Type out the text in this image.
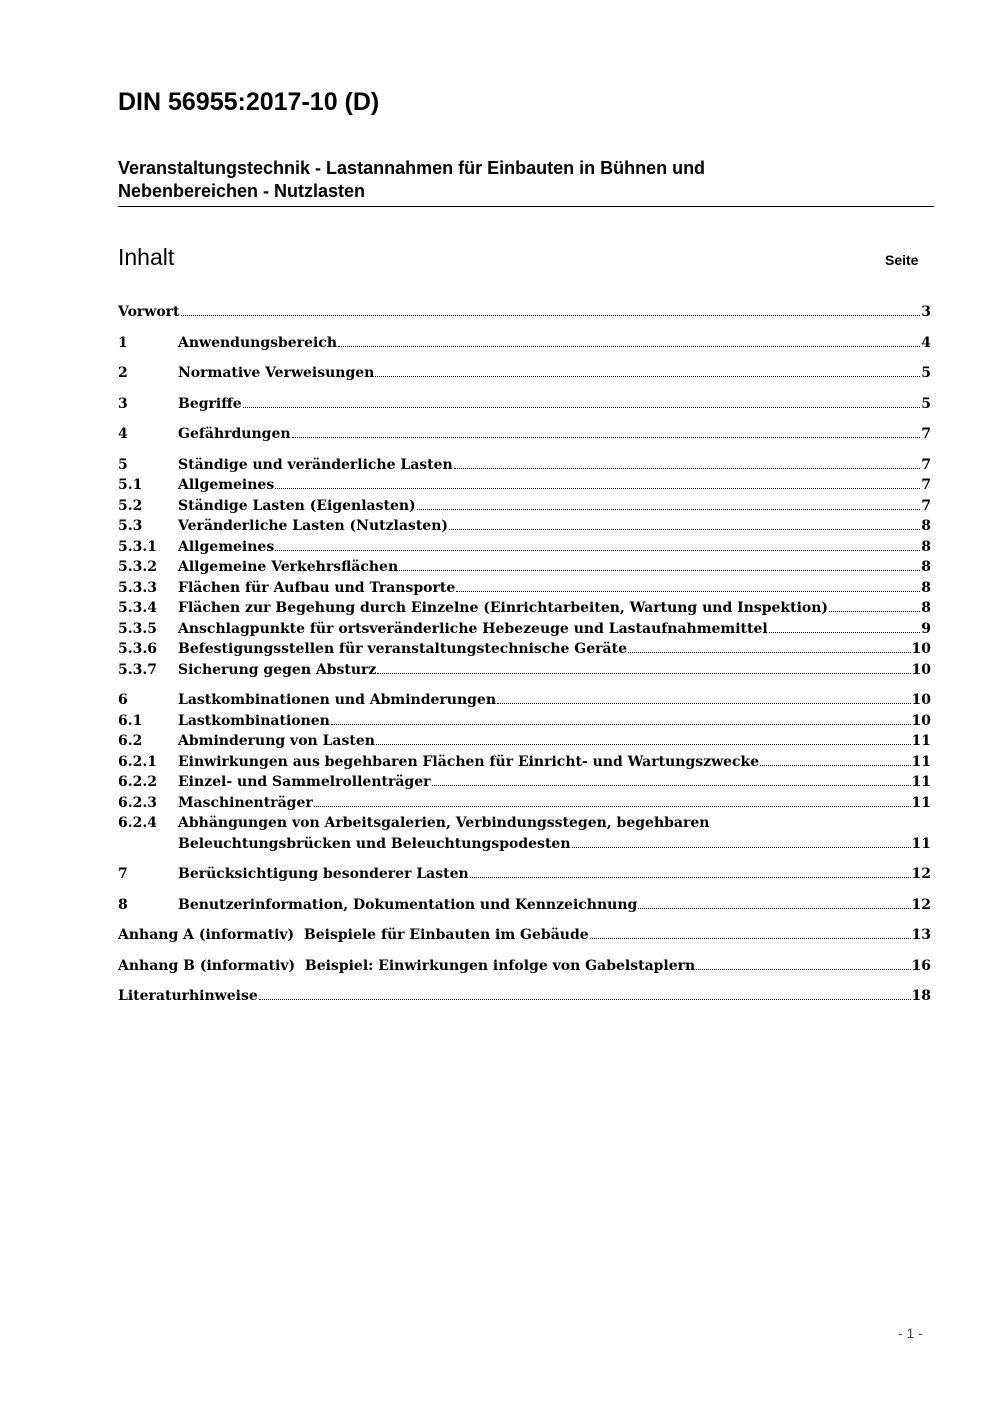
DIN 56955:2017-10 (D)
Veranstaltungstechnik - Lastannahmen für Einbauten in Bühnen und
Nebenbereichen - Nutzlasten
Inhalt	Seite
Vorwort	3
1	Anwendungsbereich	4
2	Normative Verweisungen	5
3	Begriffe	5
4	Gefährdungen	7
5	Ständige und veränderliche Lasten	7
5.1	Allgemeines	7
5.2	Ständige Lasten (Eigenlasten)	7
5.3	Veränderliche Lasten (Nutzlasten)	8
5.3.1 Allgemeines	8
5.3.2 Allgemeine Verkehrsflächen	8
5.3.3 Flächen für Aufbau und Transporte	8
5.3.4 Flächen zur Begehung durch Einzelne (Einrichtarbeiten, Wartung und Inspektion)	8
5.3.5 Anschlagpunkte für ortsveränderliche Hebezeuge und Lastaufnahmemittel	9
5.3.6 Befestigungsstellen für veranstaltungstechnische Geräte	10
5.3.7 Sicherung gegen Absturz	10
6	Lastkombinationen und Abminderungen	10
6.1	Lastkombinationen	10
6.2	Abminderung von Lasten	11
6.2.1 Einwirkungen aus begehbaren Flächen für Einricht- und Wartungszwecke	11
6.2.2 Einzel- und Sammelrollenträger	11
6.2.3 Maschinenträger	11
6.2.4 Abhängungen von Arbeitsgalerien, Verbindungsstegen, begehbaren
Beleuchtungsbrücken und Beleuchtungspodesten	11
7	Berücksichtigung besonderer Lasten	12
8	Benutzerinformation, Dokumentation und Kennzeichnung	12
Anhang A (informativ)  Beispiele für Einbauten im Gebäude	13
Anhang B (informativ)  Beispiel: Einwirkungen infolge von Gabelstaplern	16
Literaturhinweise	18
- 1 -
